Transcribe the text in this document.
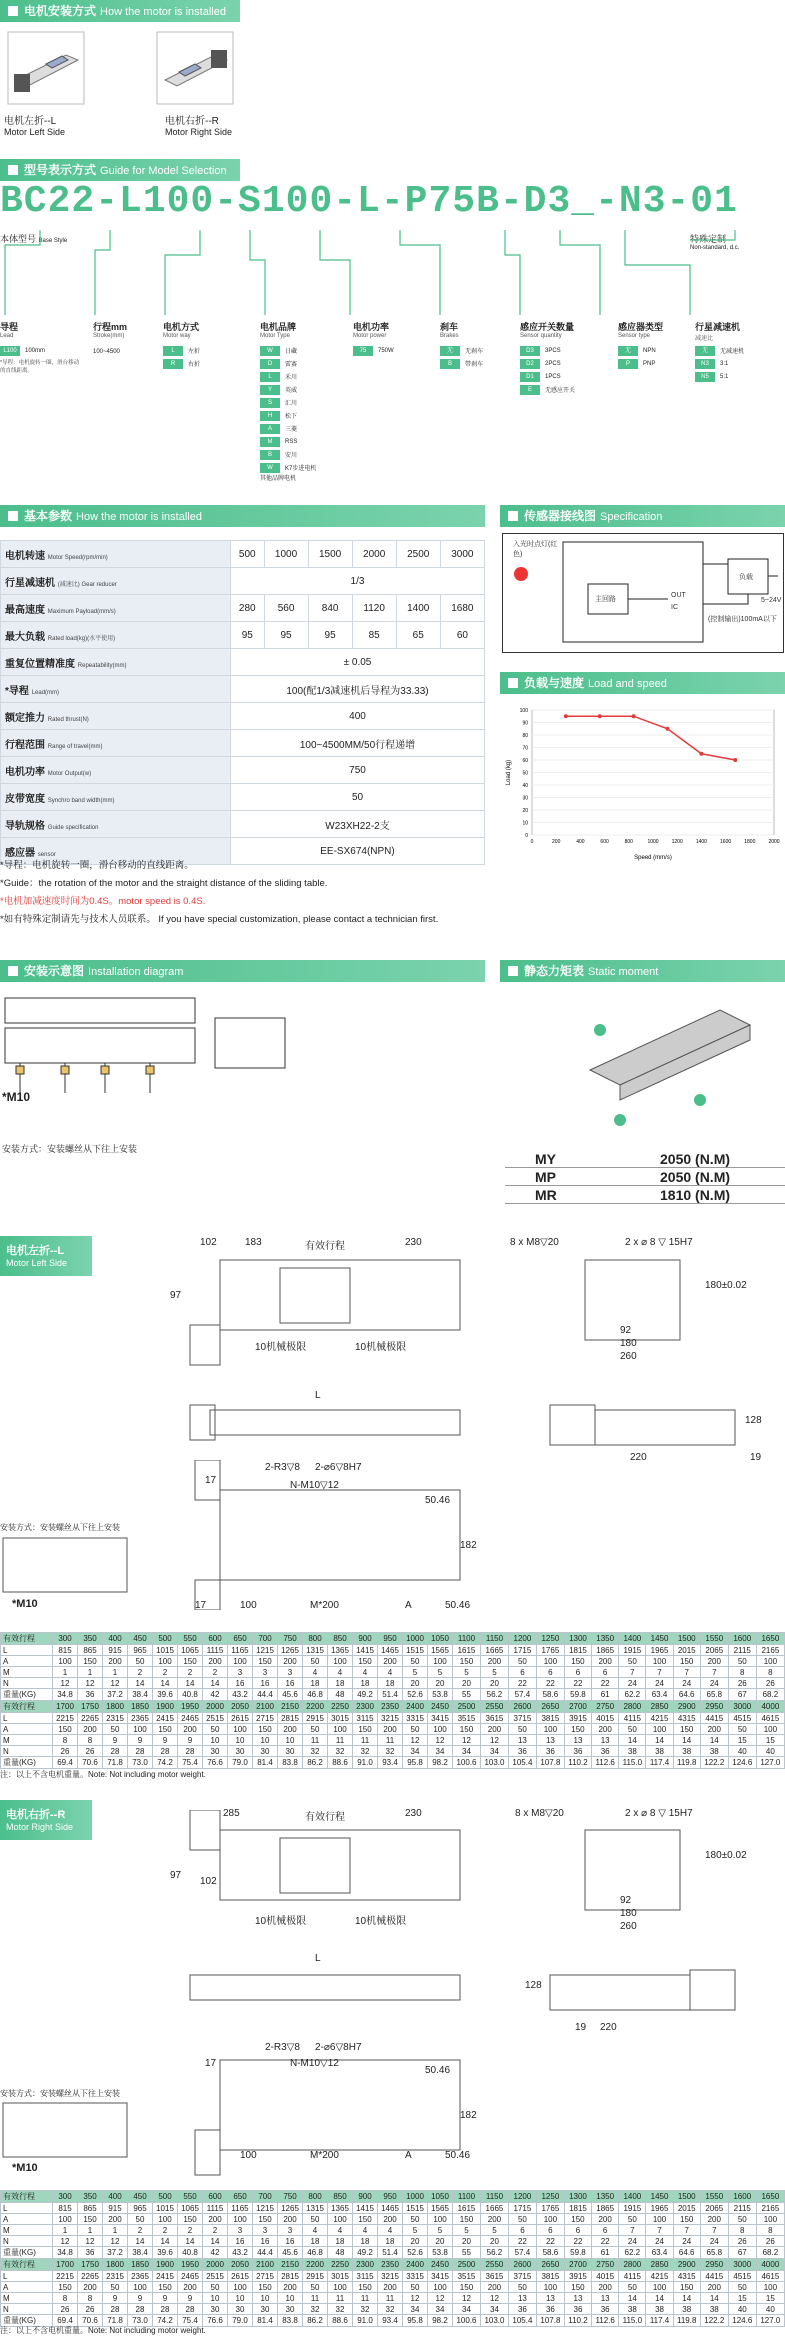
电机安装方式 How the motor is installed
电机左折--L
Motor Left Side
电机右折--R
Motor Right Side
型号表示方式 Guide for Model Selection
BC22-L100-S100-L-P75B-D3_-N3-01
本体型号 Base Style	特殊定制
Non-standard, d.c.
导程
Lead
L100	100mm
*导程：电机旋转一圈，滑台移动的直线距离。
行程mm
Stroke(mm)
100~4500
电机方式
Motor way
L	左折
R	右折
电机品牌
Motor Type
W	日藏
D	雷赛
L	禾川
Y	英威
S	汇川
H	松下
A	三菱
M	RSS
B	安川
W	K7步进电机
其他品牌电机
电机功率
Motor power
75	750W
刹车
Brakes
无	无刹车
B	带刹车
感应开关数量
Sensor quantity
D3	3PCS
D2	2PCS
D1	1PCS
E	无感应开关
感应器类型
Sensor type
无	NPN
P	PNP
行星减速机
减速比
无	无减速机
N3	3:1
N5	5:1
基本参数 How the motor is installed
电机转速 Motor Speed(rpm/min)	500	1000	1500	2000	2500	3000
行星减速机 (减速比) Gear reducer	1/3					
最高速度 Maximum Payload(mm/s)	280	560	840	1120	1400	1680
最大负载 Rated load(kg)(水平使用)	95	95	95	85	65	60
重复位置精准度 Repeatability(mm)	± 0.05					
*导程 Lead(mm)	100(配1/3减速机后导程为33.33)					
额定推力 Rated thrust(N)	400					
行程范围 Range of travel(mm)	100~4500MM/50行程递增					
电机功率 Motor Output(w)	750					
皮带宽度 Synchro band width(mm)	50					
导轨规格 Guide specification	W23XH22-2支					
感应器 sensor	EE-SX674(NPN)					
*导程：电机旋转一圈，滑台移动的直线距离。
*Guide：the rotation of the motor and the straight distance of the sliding table.
*电机加减速度时间为0.4S。motor speed is 0.4S.
*如有特殊定制请先与技术人员联系。 If you have special customization, please contact a technician first.
传感器接线图 Specification
入光时点灯(红色)
主回路
OUT
IC
负载
(控制输出)100mA以下
5~24V
负载与速度 Load and speed
0
10
20
30
40
50
60
70
80
90
100
0	200	400	600	800	1000	1200	1400	1600	1800	2000
Speed (mm/s)
Load (kg)
安装示意图 Installation diagram
*M10
安装方式：安装螺丝从下往上安装
静态力矩表 Static moment
MY	2050 (N.M)
MP	2050 (N.M)
MR	1810 (N.M)
电机左折--L
Motor Left Side
102	183	有效行程	230
97
10机械极限	10机械极限
L
2-R3▽8 2-⌀6▽8H7
N-M10▽12
17
50.46
182
17	100	M*200	A	50.46
8 x M8▽20	2 x ⌀ 8 ▽ 15H7
180±0.02
92
180
260
128
220	19
安装方式：安装螺丝从下往上安装
*M10
有效行程	300	350	400	450	500	550	600	650	700	750	800	850	900	950	1000	1050	1100	1150	1200	1250	1300	1350	1400	1450	1500	1550	1600	1650
L	815	865	915	965	1015	1065	1115	1165	1215	1265	1315	1365	1415	1465	1515	1565	1615	1665	1715	1765	1815	1865	1915	1965	2015	2065	2115	2165
A	100	150	200	50	100	150	200	100	150	200	50	100	150	200	50	100	150	200	50	100	150	200	50	100	150	200	50	100
M	1	1	1	2	2	2	2	3	3	3	4	4	4	4	5	5	5	5	6	6	6	6	7	7	7	7	8	8
N	12	12	12	14	14	14	14	16	16	16	18	18	18	18	20	20	20	20	22	22	22	22	24	24	24	24	26	26
重量(KG)	34.8	36	37.2	38.4	39.6	40.8	42	43.2	44.4	45.6	46.8	48	49.2	51.4	52.6	53.8	55	56.2	57.4	58.6	59.8	61	62.2	63.4	64.6	65.8	67	68.2
有效行程	1700	1750	1800	1850	1900	1950	2000	2050	2100	2150	2200	2250	2300	2350	2400	2450	2500	2550	2600	2650	2700	2750	2800	2850	2900	2950	3000	4000
L	2215	2265	2315	2365	2415	2465	2515	2615	2715	2815	2915	3015	3115	3215	3315	3415	3515	3615	3715	3815	3915	4015	4115	4215	4315	4415	4515	4615
A	150	200	50	100	150	200	50	100	150	200	50	100	150	200	50	100	150	200	50	100	150	200	50	100	150	200	50	100
M	8	8	9	9	9	9	10	10	10	10	11	11	11	11	12	12	12	12	13	13	13	13	14	14	14	14	15	15
N	26	26	28	28	28	28	30	30	30	30	32	32	32	32	34	34	34	34	36	36	36	36	38	38	38	38	40	40
重量(KG)	69.4	70.6	71.8	73.0	74.2	75.4	76.6	79.0	81.4	83.8	86.2	88.6	91.0	93.4	95.8	98.2	100.6	103.0	105.4	107.8	110.2	112.6	115.0	117.4	119.8	122.2	124.6	127.0
注：以上不含电机重量。Note: Not including motor weight.
电机右折--R
Motor Right Side
285	有效行程	230
97
102
10机械极限	10机械极限
L
2-R3▽8 2-⌀6▽8H7
N-M10▽12
17
50.46
182
100	M*200	A	50.46
8 x M8▽20	2 x ⌀ 8 ▽ 15H7
180±0.02
92
180
260
128
220
19
安装方式：安装螺丝从下往上安装
*M10
有效行程	300	350	400	450	500	550	600	650	700	750	800	850	900	950	1000	1050	1100	1150	1200	1250	1300	1350	1400	1450	1500	1550	1600	1650
L	815	865	915	965	1015	1065	1115	1165	1215	1265	1315	1365	1415	1465	1515	1565	1615	1665	1715	1765	1815	1865	1915	1965	2015	2065	2115	2165
A	100	150	200	50	100	150	200	100	150	200	50	100	150	200	50	100	150	200	50	100	150	200	50	100	150	200	50	100
M	1	1	1	2	2	2	2	3	3	3	4	4	4	4	5	5	5	5	6	6	6	6	7	7	7	7	8	8
N	12	12	12	14	14	14	14	16	16	16	18	18	18	18	20	20	20	20	22	22	22	22	24	24	24	24	26	26
重量(KG)	34.8	36	37.2	38.4	39.6	40.8	42	43.2	44.4	45.6	46.8	48	49.2	51.4	52.6	53.8	55	56.2	57.4	58.6	59.8	61	62.2	63.4	64.6	65.8	67	68.2
有效行程	1700	1750	1800	1850	1900	1950	2000	2050	2100	2150	2200	2250	2300	2350	2400	2450	2500	2550	2600	2650	2700	2750	2800	2850	2900	2950	3000	4000
L	2215	2265	2315	2365	2415	2465	2515	2615	2715	2815	2915	3015	3115	3215	3315	3415	3515	3615	3715	3815	3915	4015	4115	4215	4315	4415	4515	4615
A	150	200	50	100	150	200	50	100	150	200	50	100	150	200	50	100	150	200	50	100	150	200	50	100	150	200	50	100
M	8	8	9	9	9	9	10	10	10	10	11	11	11	11	12	12	12	12	13	13	13	13	14	14	14	14	15	15
N	26	26	28	28	28	28	30	30	30	30	32	32	32	32	34	34	34	34	36	36	36	36	38	38	38	38	40	40
重量(KG)	69.4	70.6	71.8	73.0	74.2	75.4	76.6	79.0	81.4	83.8	86.2	88.6	91.0	93.4	95.8	98.2	100.6	103.0	105.4	107.8	110.2	112.6	115.0	117.4	119.8	122.2	124.6	127.0
注：以上不含电机重量。Note: Not including motor weight.
